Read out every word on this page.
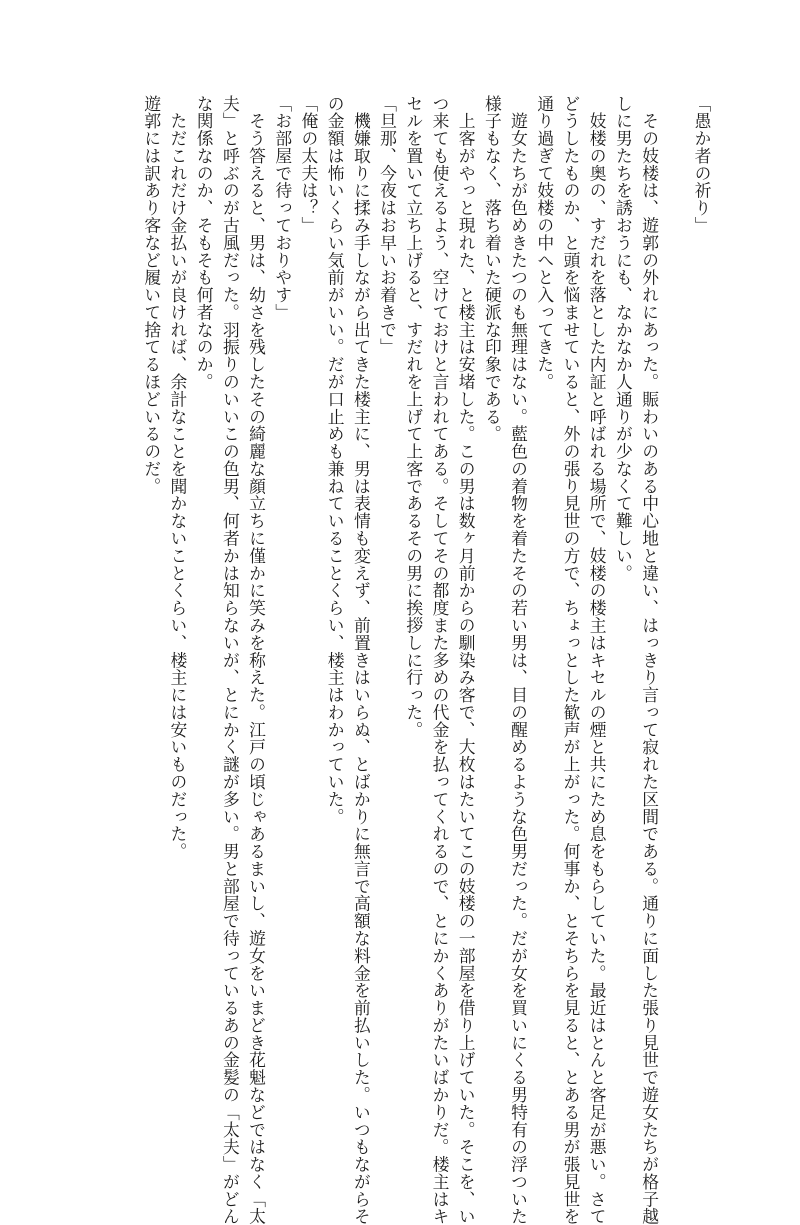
「愚か者の祈り」

　その妓楼は、遊郭の外れにあった。賑わいのある中心地と違い、はっきり言って寂れた区間である。通りに面した張り見世で遊女たちが格子越
しに男たちを誘おうにも、なかなか人通りが少なくて難しい。
　妓楼の奥の、すだれを落とした内証と呼ばれる場所で、妓楼の楼主はキセルの煙と共にため息をもらしていた。最近はとんと客足が悪い。さて
どうしたものか、と頭を悩ませていると、外の張り見世の方で、ちょっとした歓声が上がった。何事か、とそちらを見ると、とある男が張見世を
通り過ぎて妓楼の中へと入ってきた。
　遊女たちが色めきたつのも無理はない。藍色の着物を着たその若い男は、目の醒めるような色男だった。だが女を買いにくる男特有の浮ついた
様子もなく、落ち着いた硬派な印象である。
　上客がやっと現れた、と楼主は安堵した。この男は数ヶ月前からの馴染み客で、大枚はたいてこの妓楼の一部屋を借り上げていた。そこを、い
つ来ても使えるよう、空けておけと言われてある。そしてその都度また多めの代金を払ってくれるので、とにかくありがたいばかりだ。楼主はキ
セルを置いて立ち上げると、すだれを上げて上客であるその男に挨拶しに行った。
「旦那、今夜はお早いお着きで」
　機嫌取りに揉み手しながら出てきた楼主に、男は表情も変えず、前置きはいらぬ、とばかりに無言で高額な料金を前払いした。いつもながらそ
の金額は怖いくらい気前がいい。だが口止めも兼ねていることくらい、楼主はわかっていた。
「俺の太夫は？」
「お部屋で待っておりやす」
　そう答えると、男は、幼さを残したその綺麗な顔立ちに僅かに笑みを称えた。江戸の頃じゃあるまいし、遊女をいまどき花魁などではなく「太
夫」と呼ぶのが古風だった。羽振りのいいこの色男、何者かは知らないが、とにかく謎が多い。男と部屋で待っているあの金髪の「太夫」がどん
な関係なのか、そもそも何者なのか。
　ただこれだけ金払いが良ければ、余計なことを聞かないことくらい、楼主には安いものだった。
遊郭には訳あり客など履いて捨てるほどいるのだ。
